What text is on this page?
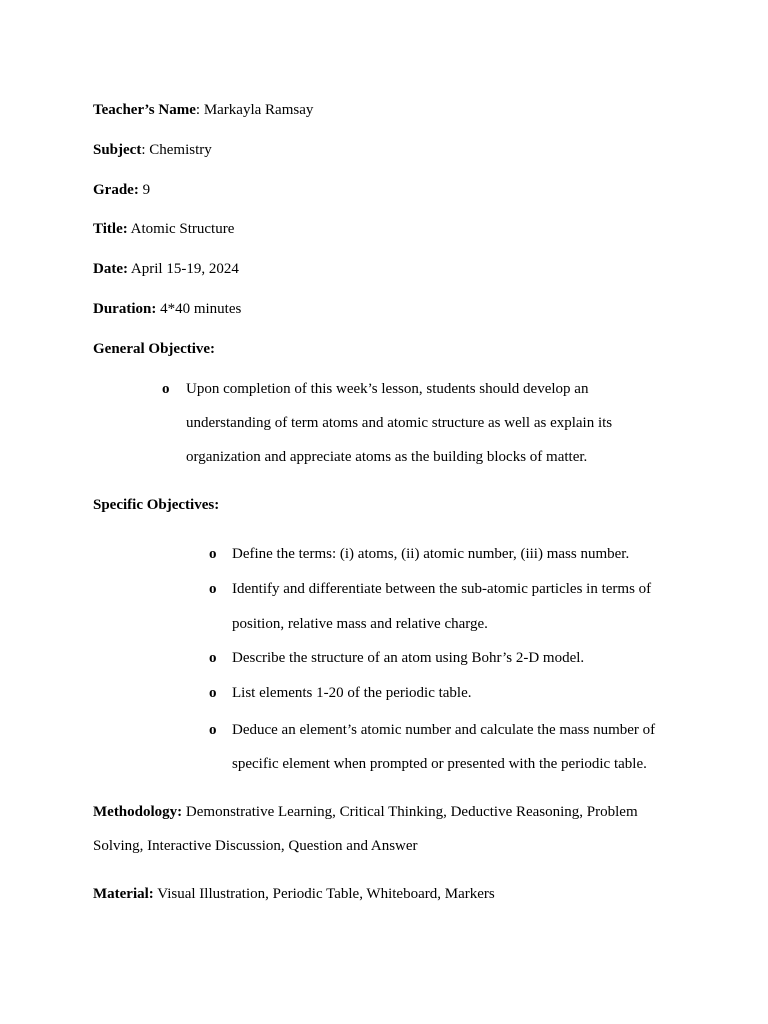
Teacher’s Name: Markayla Ramsay
Subject: Chemistry
Grade: 9
Title: Atomic Structure
Date: April 15-19, 2024
Duration: 4*40 minutes
General Objective:
o Upon completion of this week’s lesson, students should develop an
understanding of term atoms and atomic structure as well as explain its
organization and appreciate atoms as the building blocks of matter.
Specific Objectives:
o Define the terms: (i) atoms, (ii) atomic number, (iii) mass number.
o Identify and differentiate between the sub-atomic particles in terms of
position, relative mass and relative charge.
o Describe the structure of an atom using Bohr’s 2-D model.
o List elements 1-20 of the periodic table.
o Deduce an element’s atomic number and calculate the mass number of
specific element when prompted or presented with the periodic table.
Methodology: Demonstrative Learning, Critical Thinking, Deductive Reasoning, Problem
Solving, Interactive Discussion, Question and Answer
Material: Visual Illustration, Periodic Table, Whiteboard, Markers
